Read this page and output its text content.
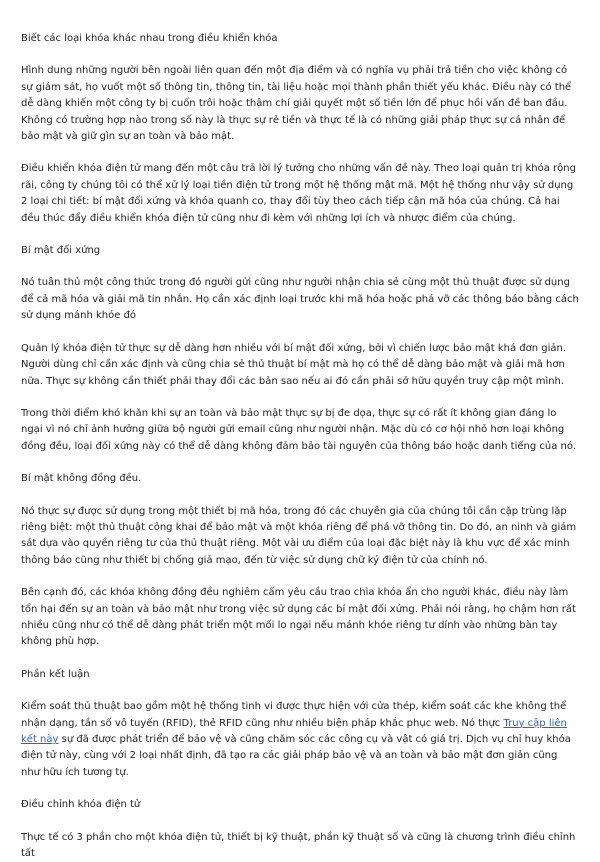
Biết các loại khóa khác nhau trong điều khiển khóa

Hình dung những người bên ngoài liên quan đến một địa điểm và có nghĩa vụ phải trả tiền cho việc không có sự giám sát, họ vuốt một số thông tin, thông tin, tài liệu hoặc mọi thành phần thiết yếu khác. Điều này có thể dễ dàng khiến một công ty bị cuốn trôi hoặc thậm chí giải quyết một số tiền lớn để phục hồi vấn đề ban đầu. Không có trường hợp nào trong số này là thực sự rẻ tiền và thực tế là có những giải pháp thực sự cá nhân để bảo mật và giữ gìn sự an toàn và bảo mật.

Điều khiển khóa điện tử mang đến một câu trả lời lý tưởng cho những vấn đề này. Theo loại quản trị khóa rộng rãi, công ty chúng tôi có thể xử lý loại tiền điện tử trong một hệ thống mật mã. Một hệ thống như vậy sử dụng 2 loại chi tiết: bí mật đối xứng và khóa quanh co, thay đổi tùy theo cách tiếp cận mã hóa của chúng. Cả hai đều thúc đẩy điều khiển khóa điện tử cũng như đi kèm với những lợi ích và nhược điểm của chúng.

Bí mật đối xứng

Nó tuân thủ một công thức trong đó người gửi cũng như người nhận chia sẻ cùng một thủ thuật được sử dụng để cả mã hóa và giải mã tin nhắn. Họ cần xác định loại trước khi mã hóa hoặc phá vỡ các thông báo bằng cách sử dụng mánh khóe đó

Quản lý khóa điện tử thực sự dễ dàng hơn nhiều với bí mật đối xứng, bởi vì chiến lược bảo mật khá đơn giản. Người dùng chỉ cần xác định và cũng chia sẻ thủ thuật bí mật mà họ có thể dễ dàng bảo mật và giải mã hơn nữa. Thực sự không cần thiết phải thay đổi các bản sao nếu ai đó cần phải sở hữu quyền truy cập một mình.

Trong thời điểm khó khăn khi sự an toàn và bảo mật thực sự bị đe dọa, thực sự có rất ít không gian đáng lo ngại vì nó chỉ ảnh hưởng giữa bộ người gửi email cũng như người nhận. Mặc dù có cơ hội nhỏ hơn loại không đồng đều, loại đối xứng này có thể dễ dàng không đảm bảo tài nguyên của thông báo hoặc danh tiếng của nó.

Bí mật không đồng đều.

Nó thực sự được sử dụng trong một thiết bị mã hóa, trong đó các chuyên gia của chúng tôi cần cặp trùng lặp riêng biệt: một thủ thuật công khai để bảo mật và một khóa riêng để phá vỡ thông tin. Do đó, an ninh và giám sát dựa vào quyền riêng tư của thủ thuật riêng. Một vài ưu điểm của loại đặc biệt này là khu vực để xác minh thông báo cũng như thiết bị chống giả mạo, đến từ việc sử dụng chữ ký điện tử của chính nó.

Bên cạnh đó, các khóa không đồng đều nghiêm cấm yêu cầu trao chìa khóa ẩn cho người khác, điều này làm tổn hại đến sự an toàn và bảo mật như trong việc sử dụng các bí mật đối xứng. Phải nói rằng, họ chậm hơn rất nhiều cũng như có thể dễ dàng phát triển một mối lo ngại nếu mánh khóe riêng tư dính vào những bàn tay không phù hợp.

Phần kết luận

Kiểm soát thủ thuật bao gồm một hệ thống tinh vi được thực hiện với cửa thép, kiểm soát các khe không thể nhận dạng, tần số vô tuyến (RFID), thẻ RFID cũng như nhiều biện pháp khắc phục web. Nó thực Truy cập liên kết này sự đã được phát triển để bảo vệ và cũng chăm sóc các công cụ và vật có giá trị. Dịch vụ chỉ huy khóa điện tử này, cùng với 2 loại nhất định, đã tạo ra các giải pháp bảo vệ và an toàn và bảo mật đơn giản cũng như hữu ích tương tự.

Điều chỉnh khóa điện tử

Thực tế có 3 phần cho một khóa điện tử, thiết bị kỹ thuật, phần kỹ thuật số và cũng là chương trình điều chỉnh tất
